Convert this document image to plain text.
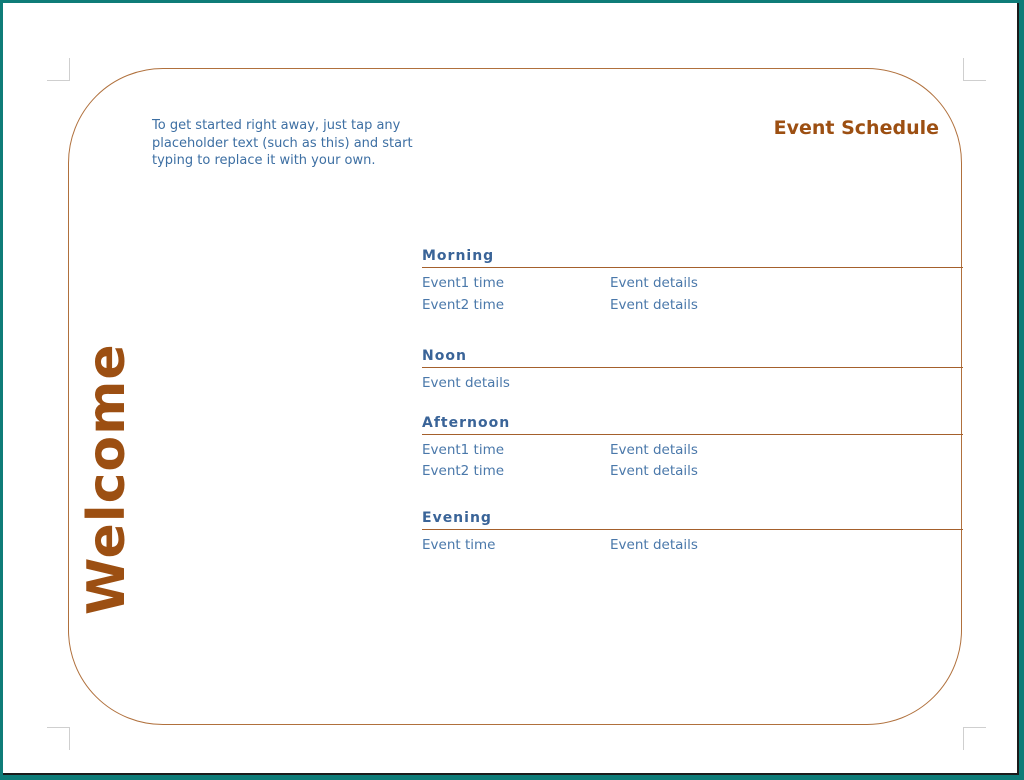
To get started right away, just tap any placeholder text (such as this) and start typing to replace it with your own.
Event Schedule
Welcome
Morning
Event1 time	Event details
Event2 time	Event details
Noon
Event details
Afternoon
Event1 time	Event details
Event2 time	Event details
Evening
Event time	Event details
